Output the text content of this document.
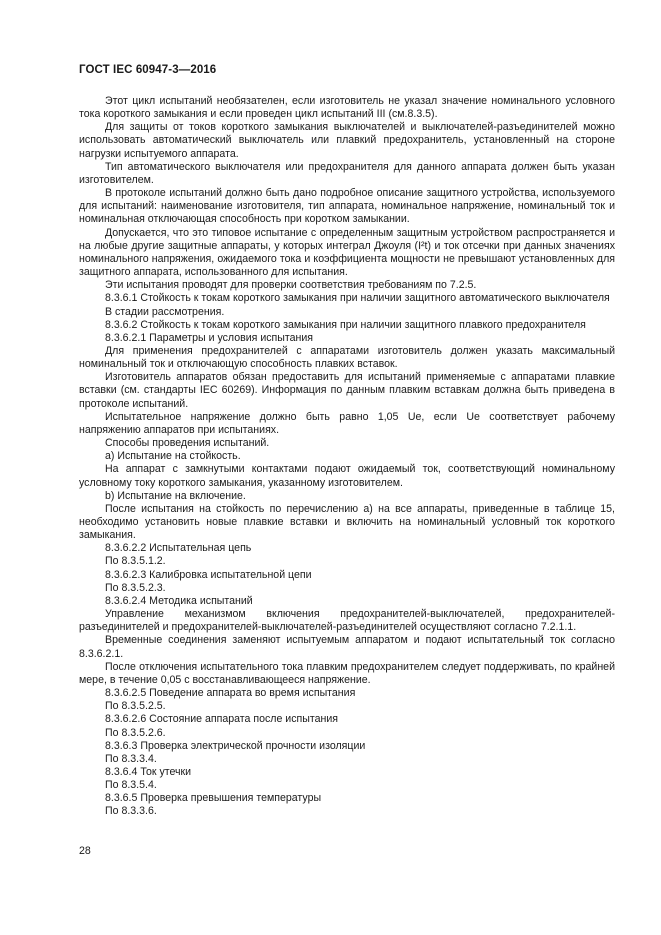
ГОСТ IEC 60947-3—2016

Этот цикл испытаний необязателен, если изготовитель не указал значение номинального условного тока короткого замыкания и если проведен цикл испытаний III (см.8.3.5).

Для защиты от токов короткого замыкания выключателей и выключателей-разъединителей можно использовать автоматический выключатель или плавкий предохранитель, установленный на стороне нагрузки испытуемого аппарата.

Тип автоматического выключателя или предохранителя для данного аппарата должен быть указан изготовителем.

В протоколе испытаний должно быть дано подробное описание защитного устройства, используемого для испытаний: наименование изготовителя, тип аппарата, номинальное напряжение, номинальный ток и номинальная отключающая способность при коротком замыкании.

Допускается, что это типовое испытание с определенным защитным устройством распространяется и на любые другие защитные аппараты, у которых интеграл Джоуля (I²t) и ток отсечки при данных значениях номинального напряжения, ожидаемого тока и коэффициента мощности не превышают установленных для защитного аппарата, использованного для испытания.

Эти испытания проводят для проверки соответствия требованиям по 7.2.5.

8.3.6.1 Стойкость к токам короткого замыкания при наличии защитного автоматического выключателя

В стадии рассмотрения.

8.3.6.2 Стойкость к токам короткого замыкания при наличии защитного плавкого предохранителя

8.3.6.2.1 Параметры и условия испытания

Для применения предохранителей с аппаратами изготовитель должен указать максимальный номинальный ток и отключающую способность плавких вставок.

Изготовитель аппаратов обязан предоставить для испытаний применяемые с аппаратами плавкие вставки (см. стандарты IEC 60269). Информация по данным плавким вставкам должна быть приведена в протоколе испытаний.

Испытательное напряжение должно быть равно 1,05 Ue, если Ue соответствует рабочему напряжению аппаратов при испытаниях.

Способы проведения испытаний.

а) Испытание на стойкость.

На аппарат с замкнутыми контактами подают ожидаемый ток, соответствующий номинальному условному току короткого замыкания, указанному изготовителем.

b) Испытание на включение.

После испытания на стойкость по перечислению а) на все аппараты, приведенные в таблице 15, необходимо установить новые плавкие вставки и включить на номинальный условный ток короткого замыкания.

8.3.6.2.2 Испытательная цепь

По 8.3.5.1.2.

8.3.6.2.3 Калибровка испытательной цепи

По 8.3.5.2.3.

8.3.6.2.4 Методика испытаний

Управление механизмом включения предохранителей-выключателей, предохранителей-разъединителей и предохранителей-выключателей-разъединителей осуществляют согласно 7.2.1.1.

Временные соединения заменяют испытуемым аппаратом и подают испытательный ток согласно 8.3.6.2.1.

После отключения испытательного тока плавким предохранителем следует поддерживать, по крайней мере, в течение 0,05 с восстанавливающееся напряжение.

8.3.6.2.5 Поведение аппарата во время испытания

По 8.3.5.2.5.

8.3.6.2.6 Состояние аппарата после испытания

По 8.3.5.2.6.

8.3.6.3 Проверка электрической прочности изоляции

По 8.3.3.4.

8.3.6.4 Ток утечки

По 8.3.5.4.

8.3.6.5 Проверка превышения температуры

По 8.3.3.6.

28
